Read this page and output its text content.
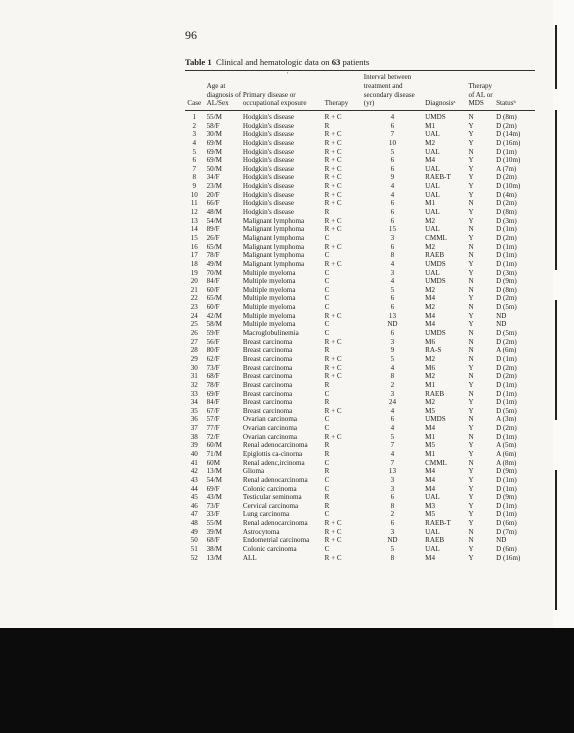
96
Table 1 Clinical and hematologic data on 63 patients
′
Case	Age at diagnosis of AL/Sex	Primary disease or occupational exposure	Therapy	Interval between treatment and secondary disease (yr)	Diagnosisᵃ	Therapy of AL or MDS	Statusᵇ

1	55/M	Hodgkin's disease	R + C	4	UMDS	N	D (8m)
2	58/F	Hodgkin's disease	R	6	M1	Y	D (2m)
3	30/M	Hodgkin's disease	R + C	7	UAL	Y	D (14m)
4	69/M	Hodgkin's disease	R + C	10	M2	Y	D (16m)
5	69/M	Hodgkin's disease	R + C	5	UAL	N	D (1m)
6	69/M	Hodgkin's disease	R + C	6	M4	Y	D (10m)
7	50/M	Hodgkin's disease	R + C	6	UAL	Y	A (7m)
8	34/F	Hodgkin's disease	R + C	9	RAEB-T	Y	D (2m)
9	23/M	Hodgkin's disease	R + C	4	UAL	Y	D (10m)
10	20/F	Hodgkin's disease	R + C	4	UAL	Y	D (4m)
11	66/F	Hodgkin's disease	R + C	6	M1	N	D (2m)
12	48/M	Hodgkin's disease	R	6	UAL	Y	D (8m)
13	54/M	Malignant lymphoma	R + C	6	M2	Y	D (3m)
14	89/F	Malignant lymphoma	R + C	15	UAL	N	D (1m)
15	26/F	Malignant lymphoma	C	3	CMML	Y	D (2m)
16	65/M	Malignant lymphoma	R + C	6	M2	N	D (1m)
17	78/F	Malignant lymphoma	C	8	RAEB	N	D (1m)
18	49/M	Malignant lymphoma	R + C	4	UMDS	Y	D (1m)
19	70/M	Multiple myeloma	C	3	UAL	Y	D (3m)
20	84/F	Multiple myeloma	C	4	UMDS	N	D (9m)
21	60/F	Multiple myeloma	C	5	M2	N	D (8m)
22	65/M	Multiple myeloma	C	6	M4	Y	D (2m)
23	60/F	Multiple myeloma	C	6	M2	N	D (5m)
24	42/M	Multiple myeloma	R + C	13	M4	Y	ND
25	58/M	Multiple myeloma	C	ND	M4	Y	ND
26	59/F	Macroglobulinemia	C	6	UMDS	N	D (5m)
27	56/F	Breast carcinoma	R + C	3	M6	N	D (2m)
28	80/F	Breast carcinoma	R	9	RA-S	N	A (6m)
29	62/F	Breast carcinoma	R + C	5	M2	N	D (1m)
30	73/F	Breast carcinoma	R + C	4	M6	Y	D (2m)
31	68/F	Breast carcinoma	R + C	8	M2	N	D (2m)
32	78/F	Breast carcinoma	R	2	M1	Y	D (1m)
33	69/F	Breast carcinoma	C	3	RAEB	N	D (1m)
34	84/F	Breast carcinoma	R	24	M2	Y	D (1m)
35	67/F	Breast carcinoma	R + C	4	M5	Y	D (5m)
36	57/F	Ovarian carcinoma	C	6	UMDS	N	A (3m)
37	77/F	Ovarian carcinoma	C	4	M4	Y	D (2m)
38	72/F	Ovarian carcinoma	R + C	5	M1	N	D (1m)
39	60/M	Renal adenocarcinoma	R	7	M5	Y	A (5m)
40	71/M	Epiglottis ca-cinorna	R	4	M1	Y	A (6m)
41	60M	Renal adenc,ircinoma	C	7	CMML	N	A (8m)
42	13/M	Glioma	R	13	M4	Y	D (9m)
43	54/M	Renal adenocarcinoma	C	3	M4	Y	D (1m)
44	69/F	Colonic carcinoma	C	3	M4	Y	D (1m)
45	43/M	Testicular seminoma	R	6	UAL	Y	D (9m)
46	73/F	Cervical carcinoma	R	8	M3	Y	D (1m)
47	33/F	Lung carcinoma	C	2	M5	Y	D (1m)
48	55/M	Renal adenocarcinoma	R + C	6	RAEB-T	Y	D (6m)
49	39/M	Astrocytoma	R + C	3	UAL	N	D (7m)
50	68/F	Endometrial carcinoma	R + C	ND	RAEB	N	ND
51	38/M	Colonic carcinoma	C	5	UAL	Y	D (6m)
52	13/M	ALL	R + C	8	M4	Y	D (16m)
